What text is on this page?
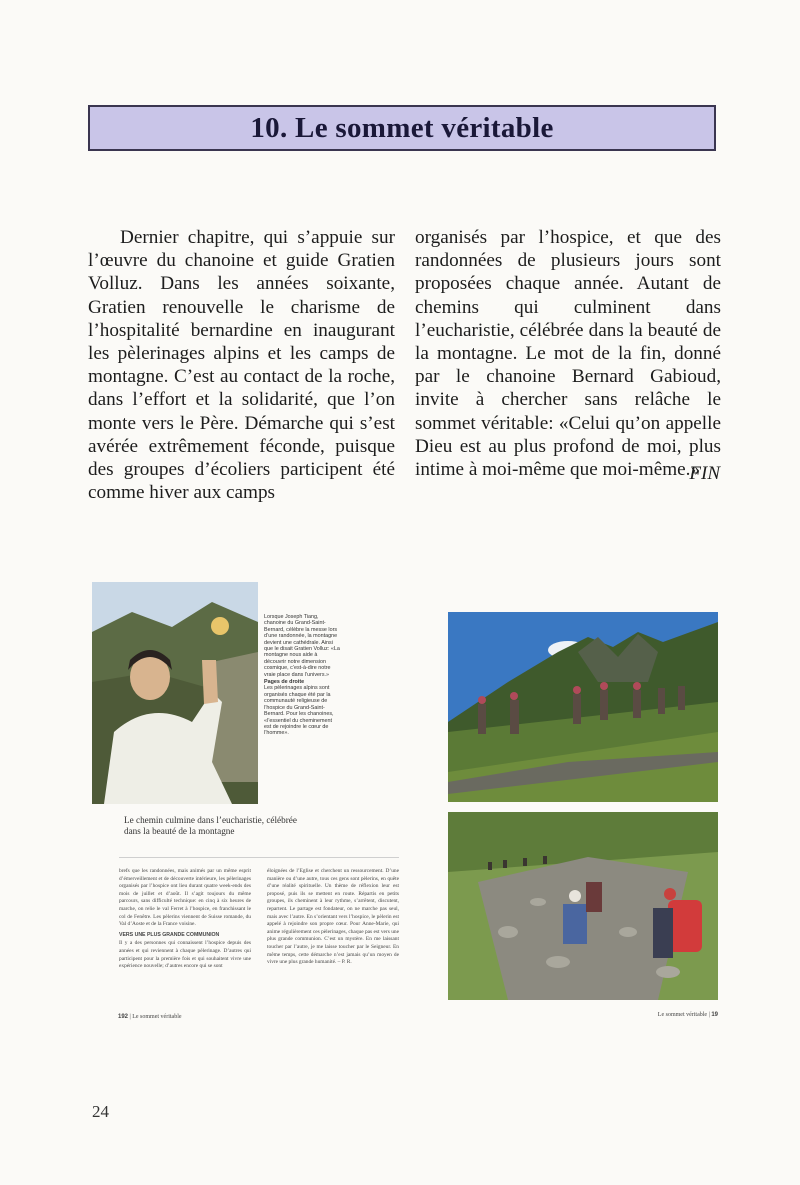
10. Le sommet véritable

Dernier chapitre, qui s’appuie sur l’œuvre du chanoine et guide Gratien Volluz. Dans les années soixante, Gratien renouvelle le charisme de l’hospitalité bernardine en inaugurant les pèlerinages alpins et les camps de montagne. C’est au contact de la roche, dans l’effort et la solidarité, que l’on monte vers le Père. Démarche qui s’est avérée extrêmement féconde, puisque des groupes d’écoliers participent été comme hiver aux camps

organisés par l’hospice, et que des randonnées de plusieurs jours sont proposées chaque année. Autant de chemins qui culminent dans l’eucharistie, célébrée dans la beauté de la montagne. Le mot de la fin, donné par le chanoine Bernard Gabioud, invite à chercher sans relâche le sommet véritable: «Celui qu’on appelle Dieu est au plus profond de moi, plus intime à moi-même que moi-même.»

FIN
Lorsque Joseph Tiang, chanoine du Grand-Saint-Bernard, célèbre la messe lors d’une randonnée, la montagne devient une cathédrale. Ainsi que le disait Gratien Volluz: «La montagne nous aide à découvrir notre dimension cosmique, c’est-à-dire notre vraie place dans l’univers.»
Pages de droite
Les pèlerinages alpins sont organisés chaque été par la communauté religieuse de l’hospice du Grand-Saint-Bernard. Pour les chanoines, «l’essentiel du cheminement est de rejoindre le cœur de l’homme».
Le chemin culmine dans l’eucharistie, célébrée dans la beauté de la montagne
brefs que les randonnées, mais animés par un même esprit d’émerveillement et de découverte intérieure, les pèlerinages organisés par l’hospice ont lieu durant quatre week-ends des mois de juillet et d’août. Il s’agit toujours du même parcours, sans difficulté technique: en cinq à six heures de marche, on relie le val Ferret à l’hospice, en franchissant le col de Fenêtre. Les pèlerins viennent de Suisse romande, du Val d’Aoste et de la France voisine.
VERS UNE PLUS GRANDE COMMUNION
Il y a des personnes qui connaissent l’hospice depuis des années et qui reviennent à chaque pèlerinage. D’autres qui participent pour la première fois et qui souhaitent vivre une expérience nouvelle; d’autres encore qui se sont
éloignées de l’Eglise et cherchent un ressourcement. D’une manière ou d’une autre, tous ces gens sont pèlerins, en quête d’une réalité spirituelle. Un thème de réflexion leur est proposé, puis ils se mettent en route. Répartis en petits groupes, ils cheminent à leur rythme, s’arrêtent, discutent, repartent. Le partage est fondateur, on ne marche pas seul, mais avec l’autre. En s’orientant vers l’hospice, le pèlerin est appelé à rejoindre son propre cœur. Pour Anne-Marie, qui anime régulièrement ces pèlerinages, chaque pas est vers une plus grande communion. C’est un mystère. En me laissant toucher par l’autre, je me laisse toucher par le Seigneur. En même temps, cette démarche n’est jamais qu’un moyen de vivre une plus grande humanité. – P. R.
192 | Le sommet véritable	Le sommet véritable | 19
24
